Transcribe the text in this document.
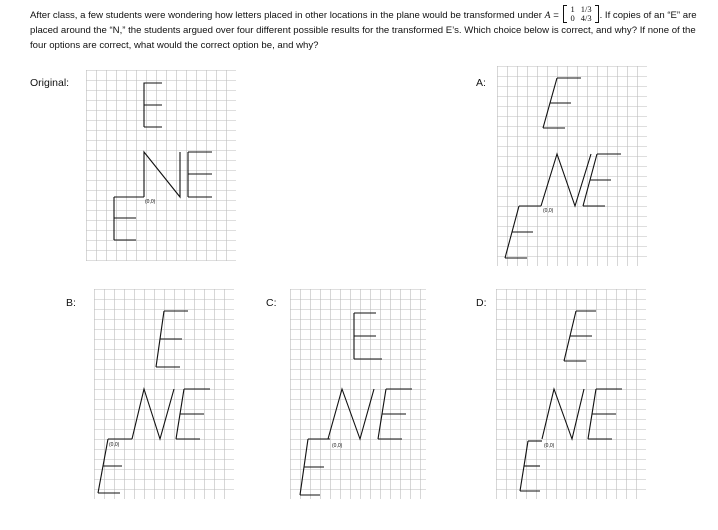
After class, a few students were wondering how letters placed in other locations in the plane would be transformed under A =
1	1/3
0	4/3 . If copies of an “E” are placed around the “N,” the students argued over four different possible results for the transformed E’s. Which choice below is correct, and why? If none of the four options are correct, what would the correct option be, and why?
Original:
(0,0)
A:
(0,0)
B:
(0,0)
C:
(0,0)
D:
(0,0)
